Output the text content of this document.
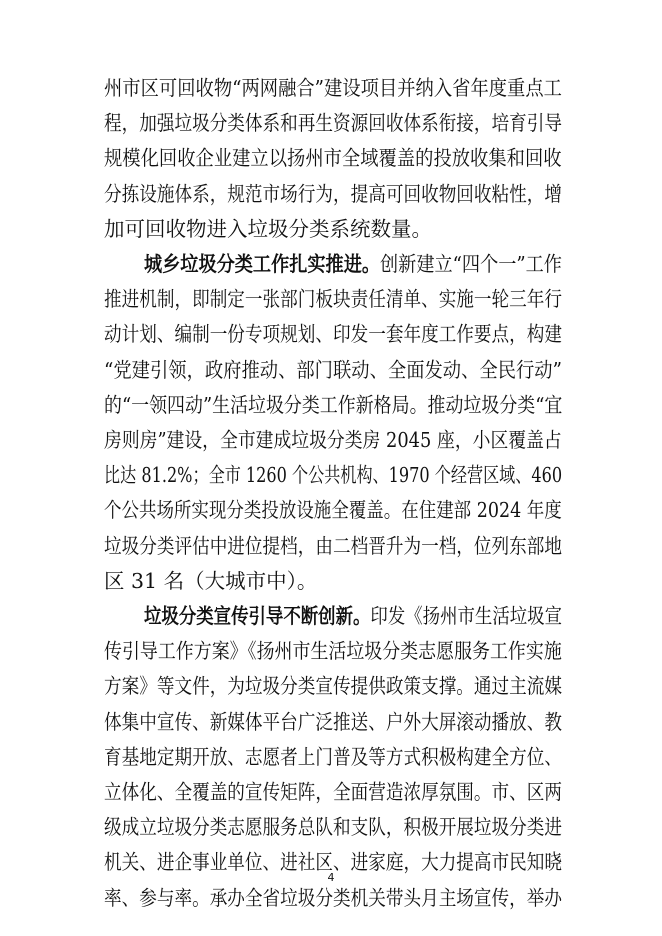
州市区可回收物“两网融合”建设项目并纳入省年度重点工
程，加强垃圾分类体系和再生资源回收体系衔接，培育引导
规模化回收企业建立以扬州市全域覆盖的投放收集和回收
分拣设施体系，规范市场行为，提高可回收物回收粘性，增
加可回收物进入垃圾分类系统数量。
城乡垃圾分类工作扎实推进。创新建立“四个一”工作
推进机制，即制定一张部门板块责任清单、实施一轮三年行
动计划、编制一份专项规划、印发一套年度工作要点，构建
“党建引领，政府推动、部门联动、全面发动、全民行动”
的“一领四动”生活垃圾分类工作新格局。推动垃圾分类“宜
房则房”建设，全市建成垃圾分类房 2045 座，小区覆盖占
比达 81.2%；全市 1260 个公共机构、1970 个经营区域、460
个公共场所实现分类投放设施全覆盖。在住建部 2024 年度
垃圾分类评估中进位提档，由二档晋升为一档，位列东部地
区 31 名（大城市中）。
垃圾分类宣传引导不断创新。印发《扬州市生活垃圾宣
传引导工作方案》《扬州市生活垃圾分类志愿服务工作实施
方案》等文件，为垃圾分类宣传提供政策支撑。通过主流媒
体集中宣传、新媒体平台广泛推送、户外大屏滚动播放、教
育基地定期开放、志愿者上门普及等方式积极构建全方位、
立体化、全覆盖的宣传矩阵，全面营造浓厚氛围。市、区两
级成立垃圾分类志愿服务总队和支队，积极开展垃圾分类进
机关、进企事业单位、进社区、进家庭，大力提高市民知晓
率、参与率。承办全省垃圾分类机关带头月主场宣传，举办
4
